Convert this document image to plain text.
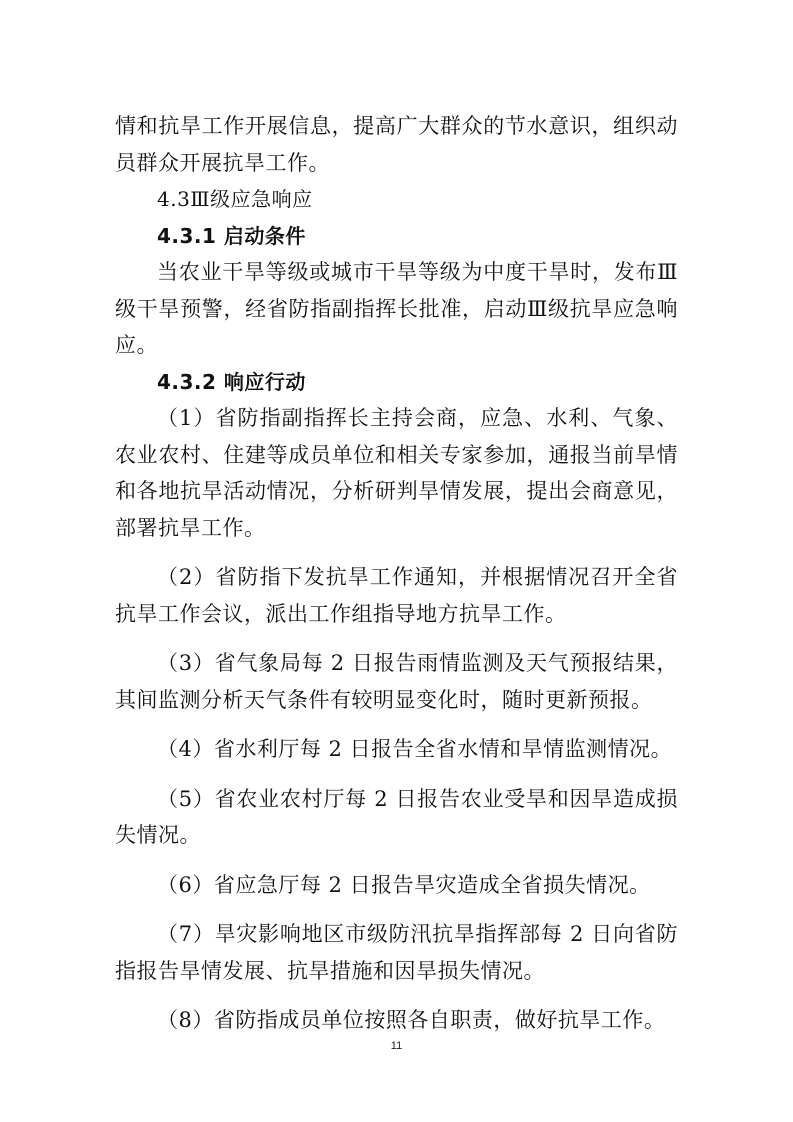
情和抗旱工作开展信息，提高广大群众的节水意识，组织动员群众开展抗旱工作。

4.3Ⅲ级应急响应

4.3.1 启动条件

当农业干旱等级或城市干旱等级为中度干旱时，发布Ⅲ级干旱预警，经省防指副指挥长批准，启动Ⅲ级抗旱应急响应。

4.3.2 响应行动

（1）省防指副指挥长主持会商，应急、水利、气象、农业农村、住建等成员单位和相关专家参加，通报当前旱情和各地抗旱活动情况，分析研判旱情发展，提出会商意见，部署抗旱工作。

（2）省防指下发抗旱工作通知，并根据情况召开全省抗旱工作会议，派出工作组指导地方抗旱工作。

（3）省气象局每 2 日报告雨情监测及天气预报结果，其间监测分析天气条件有较明显变化时，随时更新预报。

（4）省水利厅每 2 日报告全省水情和旱情监测情况。

（5）省农业农村厅每 2 日报告农业受旱和因旱造成损失情况。

（6）省应急厅每 2 日报告旱灾造成全省损失情况。

（7）旱灾影响地区市级防汛抗旱指挥部每 2 日向省防指报告旱情发展、抗旱措施和因旱损失情况。

（8）省防指成员单位按照各自职责，做好抗旱工作。

11
